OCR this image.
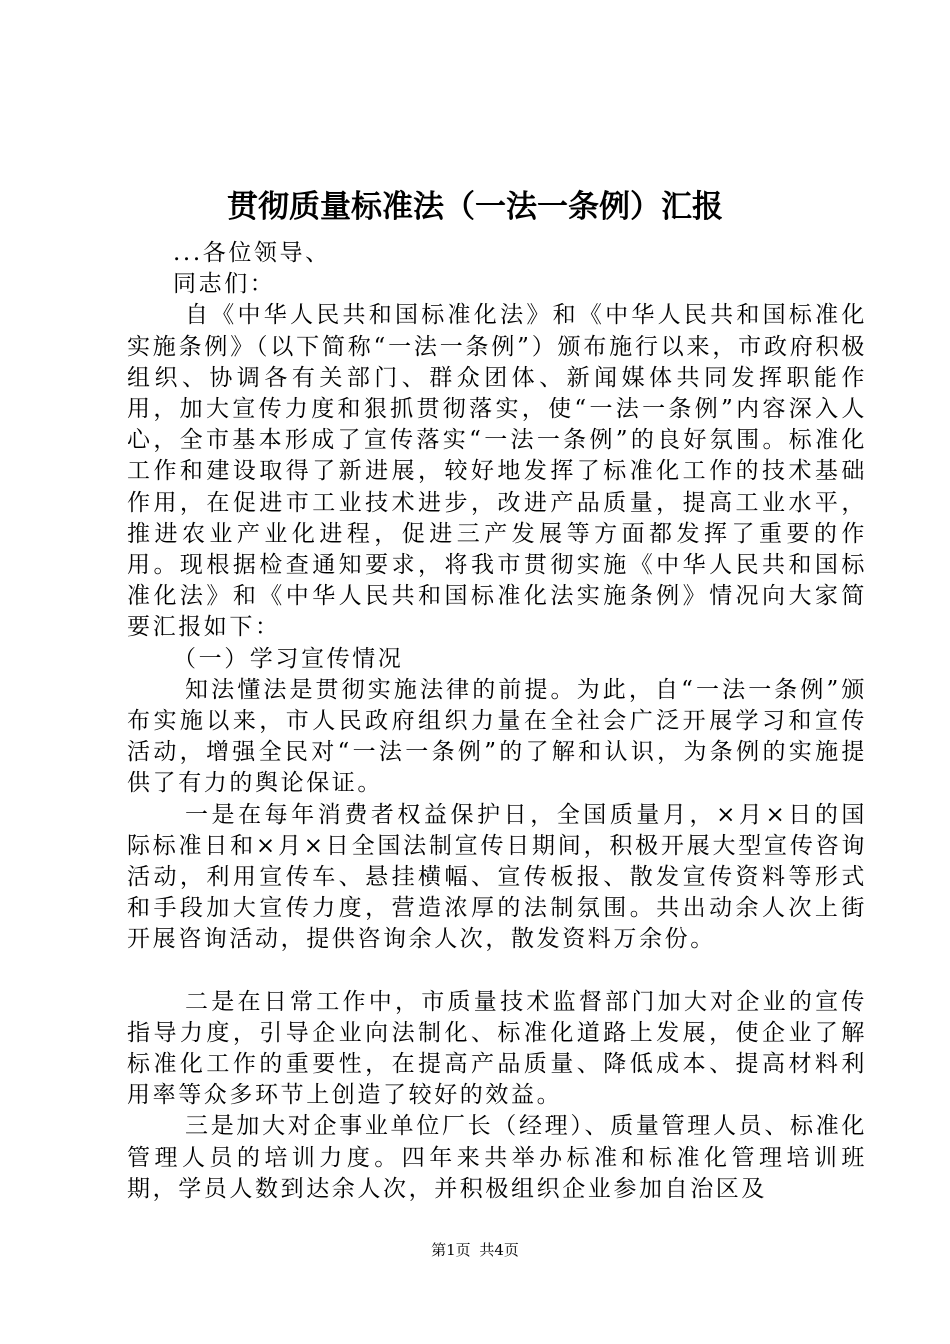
贯彻质量标准法（一法一条例）汇报

...各位领导、

同志们：

自《中华人民共和国标准化法》和《中华人民共和国标准化实施条例》（以下简称“一法一条例”）颁布施行以来，市政府积极组织、协调各有关部门、群众团体、新闻媒体共同发挥职能作用，加大宣传力度和狠抓贯彻落实，使“一法一条例”内容深入人心，全市基本形成了宣传落实“一法一条例”的良好氛围。标准化工作和建设取得了新进展，较好地发挥了标准化工作的技术基础作用，在促进市工业技术进步，改进产品质量，提高工业水平，推进农业产业化进程，促进三产发展等方面都发挥了重要的作用。现根据检查通知要求，将我市贯彻实施《中华人民共和国标准化法》和《中华人民共和国标准化法实施条例》情况向大家简要汇报如下：

（一）学习宣传情况

知法懂法是贯彻实施法律的前提。为此，自“一法一条例”颁布实施以来，市人民政府组织力量在全社会广泛开展学习和宣传活动，增强全民对“一法一条例”的了解和认识，为条例的实施提供了有力的舆论保证。

一是在每年消费者权益保护日，全国质量月，×月×日的国际标准日和×月×日全国法制宣传日期间，积极开展大型宣传咨询活动，利用宣传车、悬挂横幅、宣传板报、散发宣传资料等形式和手段加大宣传力度，营造浓厚的法制氛围。共出动余人次上街开展咨询活动，提供咨询余人次，散发资料万余份。

二是在日常工作中，市质量技术监督部门加大对企业的宣传指导力度，引导企业向法制化、标准化道路上发展，使企业了解标准化工作的重要性，在提高产品质量、降低成本、提高材料利用率等众多环节上创造了较好的效益。

三是加大对企事业单位厂长（经理）、质量管理人员、标准化管理人员的培训力度。四年来共举办标准和标准化管理培训班期，学员人数到达余人次，并积极组织企业参加自治区及

第1页 共4页
